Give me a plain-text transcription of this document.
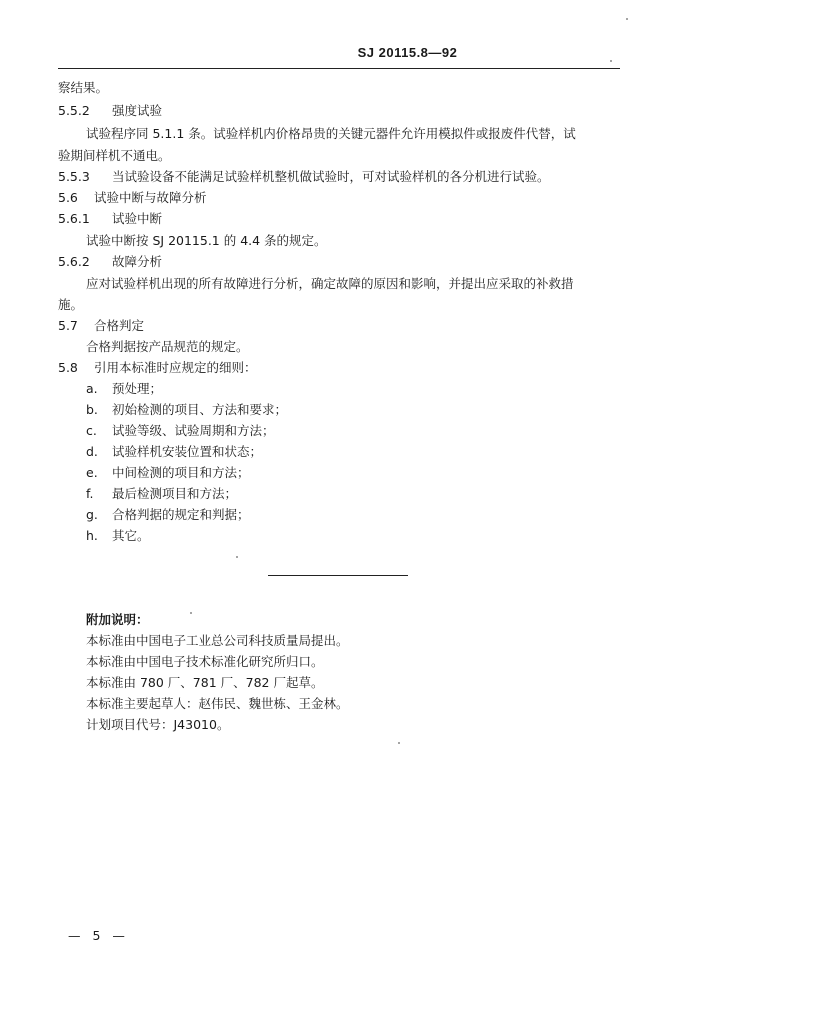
SJ 20115.8—92
察结果。
5.5.2 强度试验
试验程序同 5.1.1 条。试验样机内价格昂贵的关键元器件允许用模拟件或报废件代替，试
验期间样机不通电。
5.5.3 当试验设备不能满足试验样机整机做试验时，可对试验样机的各分机进行试验。
5.6 试验中断与故障分析
5.6.1 试验中断
试验中断按 SJ 20115.1 的 4.4 条的规定。
5.6.2 故障分析
应对试验样机出现的所有故障进行分析，确定故障的原因和影响，并提出应采取的补救措
施。
5.7 合格判定
合格判据按产品规范的规定。
5.8 引用本标准时应规定的细则：
a. 预处理；
b. 初始检测的项目、方法和要求；
c. 试验等级、试验周期和方法；
d. 试验样机安装位置和状态；
e. 中间检测的项目和方法；
f. 最后检测项目和方法；
g. 合格判据的规定和判据；
h. 其它。
附加说明：
本标准由中国电子工业总公司科技质量局提出。
本标准由中国电子技术标准化研究所归口。
本标准由 780 厂、781 厂、782 厂起草。
本标准主要起草人：赵伟民、魏世栋、王金林。
计划项目代号：J43010。
— 5 —
